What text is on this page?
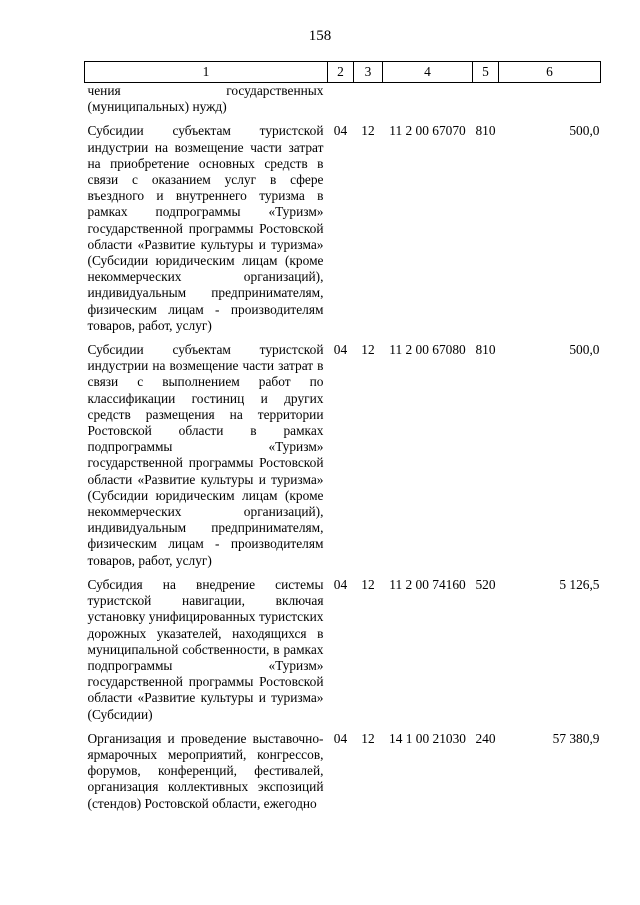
158
1	2	3	4	5	6
чения государственных (муниципальных) нужд)					

Субсидии субъектам туристской индустрии на возмещение части затрат на приобретение основных средств в связи с оказанием услуг в сфере въездного и внутреннего туризма в рамках подпрограммы «Туризм» государственной программы Ростовской области «Развитие культуры и туризма» (Субсидии юридическим лицам (кроме некоммерческих организаций), индивидуальным предпринимателям, физическим лицам - производителям товаров, работ, услуг)	04	12	11 2 00 67070	810	500,0

Субсидии субъектам туристской индустрии на возмещение части затрат в связи с выполнением работ по классификации гостиниц и других средств размещения на территории Ростовской области в рамках подпрограммы «Туризм» государственной программы Ростовской области «Развитие культуры и туризма» (Субсидии юридическим лицам (кроме некоммерческих организаций), индивидуальным предпринимателям, физическим лицам - производителям товаров, работ, услуг)	04	12	11 2 00 67080	810	500,0

Субсидия на внедрение системы туристской навигации, включая установку унифицированных туристских дорожных указателей, находящихся в муниципальной собственности, в рамках подпрограммы «Туризм» государственной программы Ростовской области «Развитие культуры и туризма» (Субсидии)	04	12	11 2 00 74160	520	5 126,5

Организация и проведение выставочно-ярмарочных мероприятий, конгрессов, форумов, конференций, фестивалей, организация коллективных экспозиций (стендов) Ростовской области, ежегодно	04	12	14 1 00 21030	240	57 380,9
